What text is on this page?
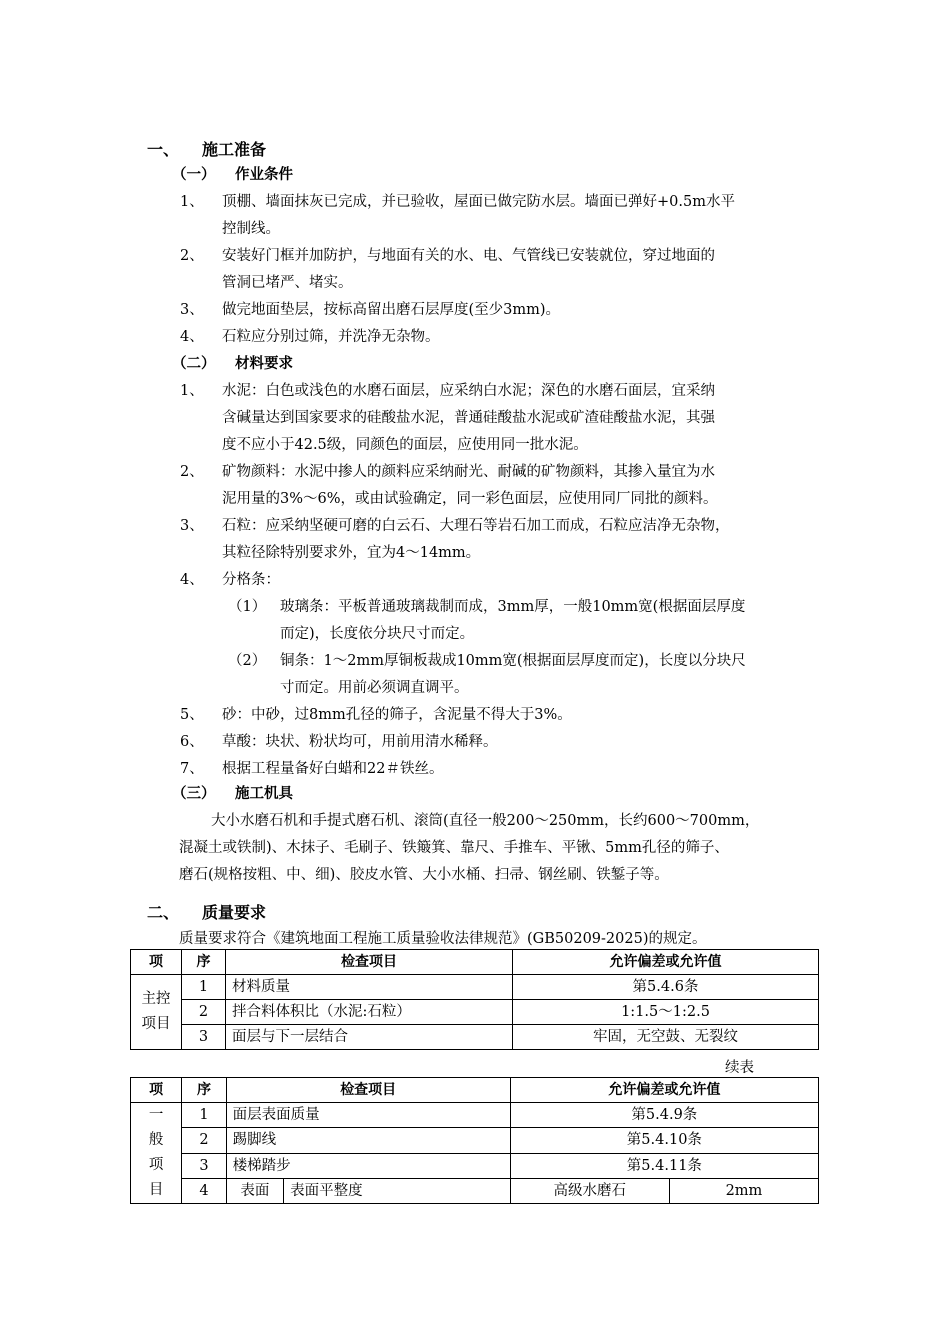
一、 施工准备
（一） 作业条件
1、 顶棚、墙面抹灰已完成，并已验收，屋面已做完防水层。墙面已弹好+0.5m水平
控制线。
2、 安装好门框并加防护，与地面有关的水、电、气管线已安装就位，穿过地面的
管洞已堵严、堵实。
3、 做完地面垫层，按标高留出磨石层厚度(至少3mm)。
4、 石粒应分别过筛，并洗净无杂物。
（二） 材料要求
1、 水泥：白色或浅色的水磨石面层，应采纳白水泥；深色的水磨石面层，宜采纳
含碱量达到国家要求的硅酸盐水泥，普通硅酸盐水泥或矿渣硅酸盐水泥，其强
度不应小于42.5级，同颜色的面层，应使用同一批水泥。
2、 矿物颜料：水泥中掺人的颜料应采纳耐光、耐碱的矿物颜料，其掺入量宜为水
泥用量的3%～6%，或由试验确定，同一彩色面层，应使用同厂同批的颜料。
3、 石粒：应采纳坚硬可磨的白云石、大理石等岩石加工而成，石粒应洁净无杂物，
其粒径除特别要求外，宜为4～14mm。
4、 分格条：
（1） 玻璃条：平板普通玻璃裁制而成，3mm厚，一般10mm宽(根据面层厚度
而定)，长度依分块尺寸而定。
（2） 铜条：1～2mm厚铜板裁成10mm宽(根据面层厚度而定)，长度以分块尺
寸而定。用前必须调直调平。
5、 砂：中砂，过8mm孔径的筛子，含泥量不得大于3%。
6、 草酸：块状、粉状均可，用前用清水稀释。
7、 根据工程量备好白蜡和22＃铁丝。
（三） 施工机具
大小水磨石机和手提式磨石机、滚筒(直径一般200～250mm，长约600～700mm，
混凝土或铁制)、木抹子、毛刷子、铁簸箕、靠尺、手推车、平锹、5mm孔径的筛子、
磨石(规格按粗、中、细)、胶皮水管、大小水桶、扫帚、钢丝刷、铁錾子等。
二、 质量要求
质量要求符合《建筑地面工程施工质量验收法律规范》(GB50209-2025)的规定。
项	序	检查项目	允许偏差或允许值
主控项目	1	材料质量	第5.4.6条
	2	拌合料体积比（水泥:石粒）	1:1.5～1:2.5
	3	面层与下一层结合	牢固，无空鼓、无裂纹
续表
项	序	检查项目		允许偏差或允许值	

一
般
项
目	1	面层表面质量		第5.4.9条	
	2	踢脚线		第5.4.10条	
	3	楼梯踏步		第5.4.11条	
	4	表面	表面平整度	高级水磨石	2mm
